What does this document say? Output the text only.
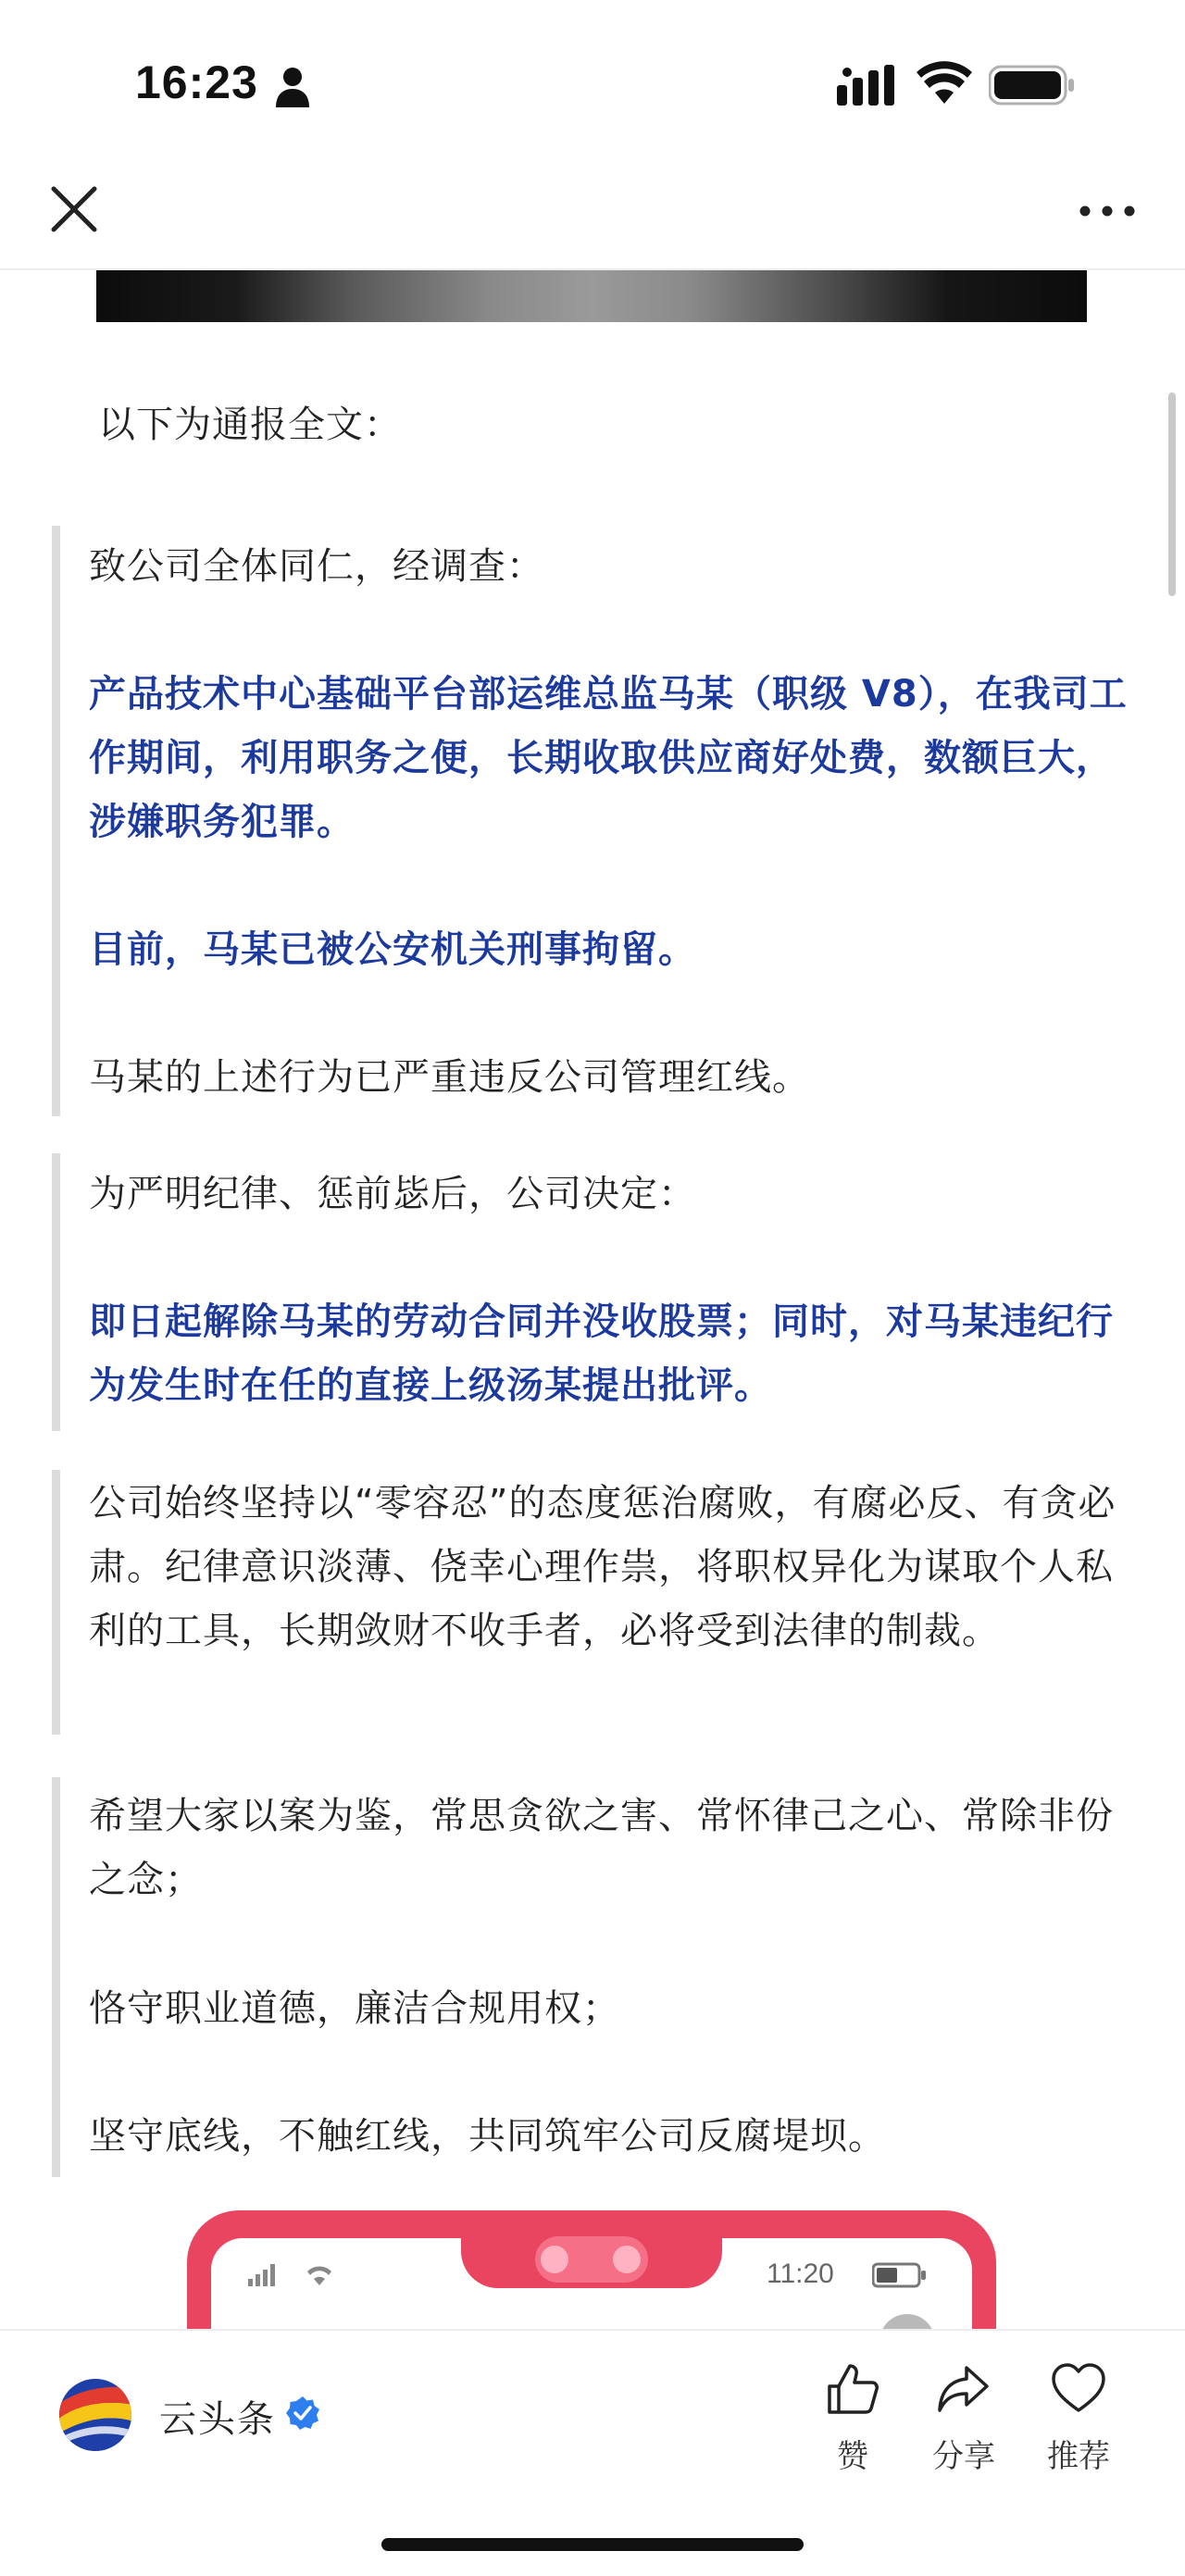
16:23

以下为通报全文：

致公司全体同仁，经调查：

产品技术中心基础平台部运维总监马某（职级 V8），在我司工作期间，利用职务之便，长期收取供应商好处费，数额巨大，涉嫌职务犯罪。

目前，马某已被公安机关刑事拘留。

马某的上述行为已严重违反公司管理红线。

为严明纪律、惩前毖后，公司决定：

即日起解除马某的劳动合同并没收股票；同时，对马某违纪行为发生时在任的直接上级汤某提出批评。

公司始终坚持以“零容忍”的态度惩治腐败，有腐必反、有贪必肃。纪律意识淡薄、侥幸心理作祟，将职权异化为谋取个人私利的工具，长期敛财不收手者，必将受到法律的制裁。

希望大家以案为鉴，常思贪欲之害、常怀律己之心、常除非份之念；

恪守职业道德，廉洁合规用权；

坚守底线，不触红线，共同筑牢公司反腐堤坝。

11:20
云头条
赞	分享	推荐
